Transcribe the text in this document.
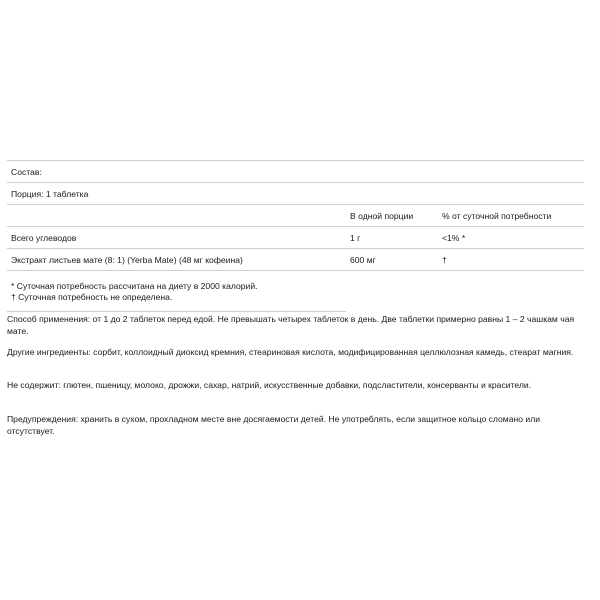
Состав:		
Порция: 1 таблетка		
	В одной порции	% от суточной потребности
Всего углеводов	1 г	<1% *
Экстракт листьев мате (8: 1) (Yerba Mate) (48 мг кофеина)	600 мг	†

* Суточная потребность рассчитана на диету в 2000 калорий.
† Суточная потребность не определена.		

Способ применения: от 1 до 2 таблеток перед едой. Не превышать четырех таблеток в день. Две таблетки примерно равны 1 – 2 чашкам чая мате.
Другие ингредиенты: сорбит, коллоидный диоксид кремния, стеариновая кислота, модифицированная целлюлозная камедь, стеарат магния.
Не содержит: глютен, пшеницу, молоко, дрожжи, сахар, натрий, искусственные добавки, подсластители, консерванты и красители.
Предупреждения: хранить в сухом, прохладном месте вне досягаемости детей. Не употреблять, если защитное кольцо сломано или отсутствует.
